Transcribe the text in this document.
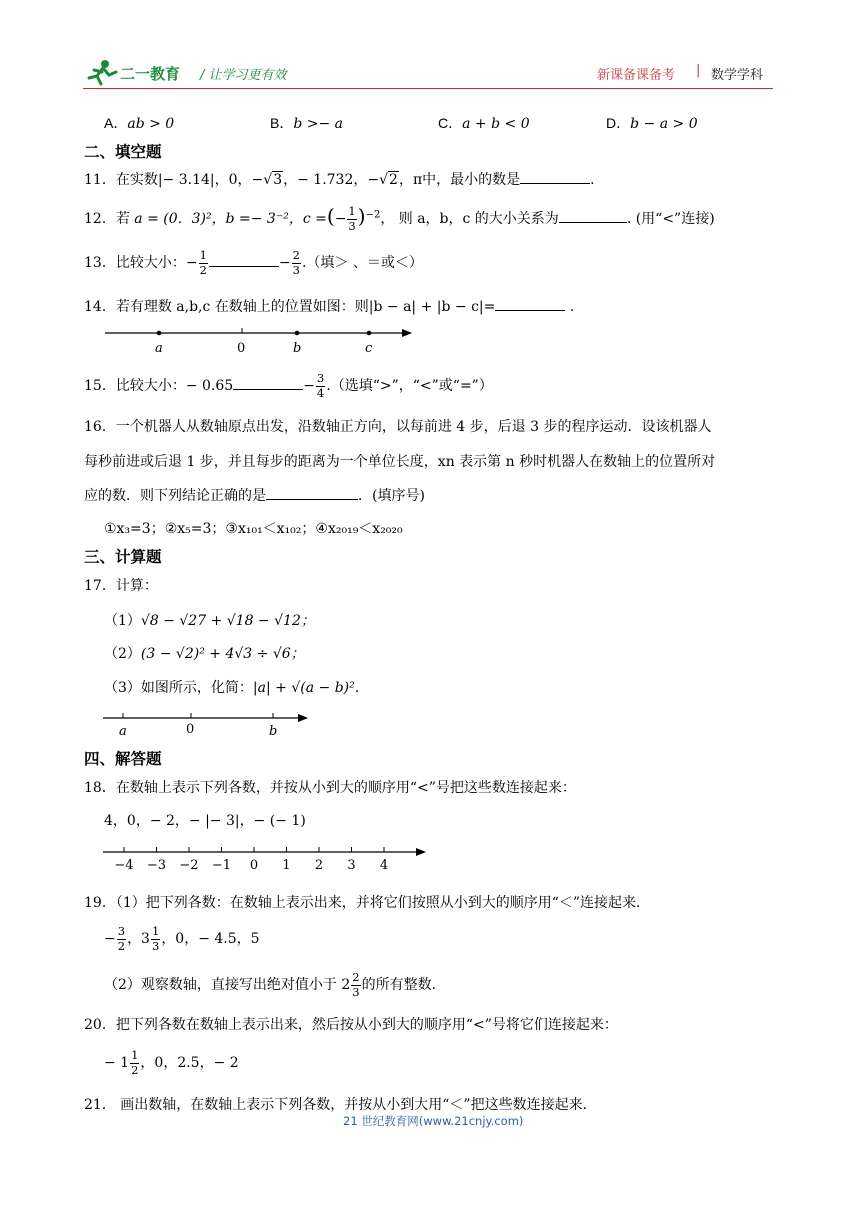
二一教育 / 让学习更有效	新课备课备考 | 数学学科
A．ab > 0	B．b >− a	C．a + b < 0	D．b − a > 0
二、填空题
11．在实数|− 3.14|，0，−√3，− 1.732，−√2，π中，最小的数是	.
12．若 a = (0．3)²，b =− 3⁻²，c =(− $\frac{1}{3} )^{-2}$， 则 a，b，c 的大小关系为	. (用“<”连接)
13．比较大小：− $\frac{1}{2}$	− $\frac{2}{3}$ .（填＞ 、＝或＜）
14．若有理数 a,b,c 在数轴上的位置如图：则|b − a| + |b − c|=	.
a	0	b	c
15．比较大小：− 0.65	− $\frac{3}{4}$ .（选填“>”，“<”或“=”）
16．一个机器人从数轴原点出发，沿数轴正方向，以每前进 4 步，后退 3 步的程序运动．设该机器人
每秒前进或后退 1 步，并且每步的距离为一个单位长度，xn 表示第 n 秒时机器人在数轴上的位置所对
应的数．则下列结论正确的是	．(填序号)
①x₃=3；②x₅=3；③x₁₀₁＜x₁₀₂；④x₂₀₁₉＜x₂₀₂₀
三、计算题
17．计算：
（1）√8 − √27 + √18 − √12；
（2）(3 − √2)² + 4√3 ÷ √6；
（3）如图所示，化简：|a| + √(a − b)².
a	0	b
四、解答题
18．在数轴上表示下列各数，并按从小到大的顺序用“<”号把这些数连接起来：
4，0，− 2，− |− 3|，− (− 1)
−4 −3 −2 −1 0 1 2 3 4
19．（1）把下列各数：在数轴上表示出来，并将它们按照从小到大的顺序用“＜”连接起来．
− $\frac{3}{2}$ ，$3 \frac{1}{3}$ ，0，− 4.5，5
（2）观察数轴，直接写出绝对值小于 $2 \frac{2}{3}$ 的所有整数.
20．把下列各数在数轴上表示出来，然后按从小到大的顺序用“<”号将它们连接起来：
− $1 \frac{1}{2}$ ，0，2.5，− 2
21． 画出数轴，在数轴上表示下列各数，并按从小到大用“＜”把这些数连接起来.
21 世纪教育网(www.21cnjy.com)
